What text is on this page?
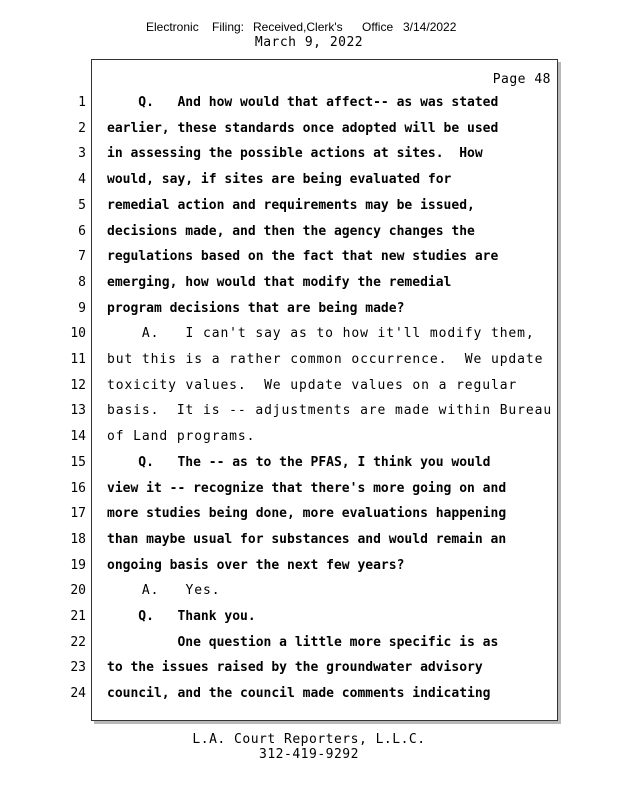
Electronic Filing: Received,Clerk's Office 3/14/2022
March 9, 2022
Page 48
1 Q.   And how would that affect-- as was stated
2 earlier, these standards once adopted will be used
3 in assessing the possible actions at sites.  How
4 would, say, if sites are being evaluated for
5 remedial action and requirements may be issued,
6 decisions made, and then the agency changes the
7 regulations based on the fact that new studies are
8 emerging, how would that modify the remedial
9 program decisions that are being made?
10 A.   I can't say as to how it'll modify them,
11 but this is a rather common occurrence.  We update
12 toxicity values.  We update values on a regular
13 basis.  It is -- adjustments are made within Bureau
14 of Land programs.
15 Q.   The -- as to the PFAS, I think you would
16 view it -- recognize that there's more going on and
17 more studies being done, more evaluations happening
18 than maybe usual for substances and would remain an
19 ongoing basis over the next few years?
20 A.   Yes.
21 Q.   Thank you.
22 One question a little more specific is as
23 to the issues raised by the groundwater advisory
24 council, and the council made comments indicating
L.A. Court Reporters, L.L.C.
312-419-9292
